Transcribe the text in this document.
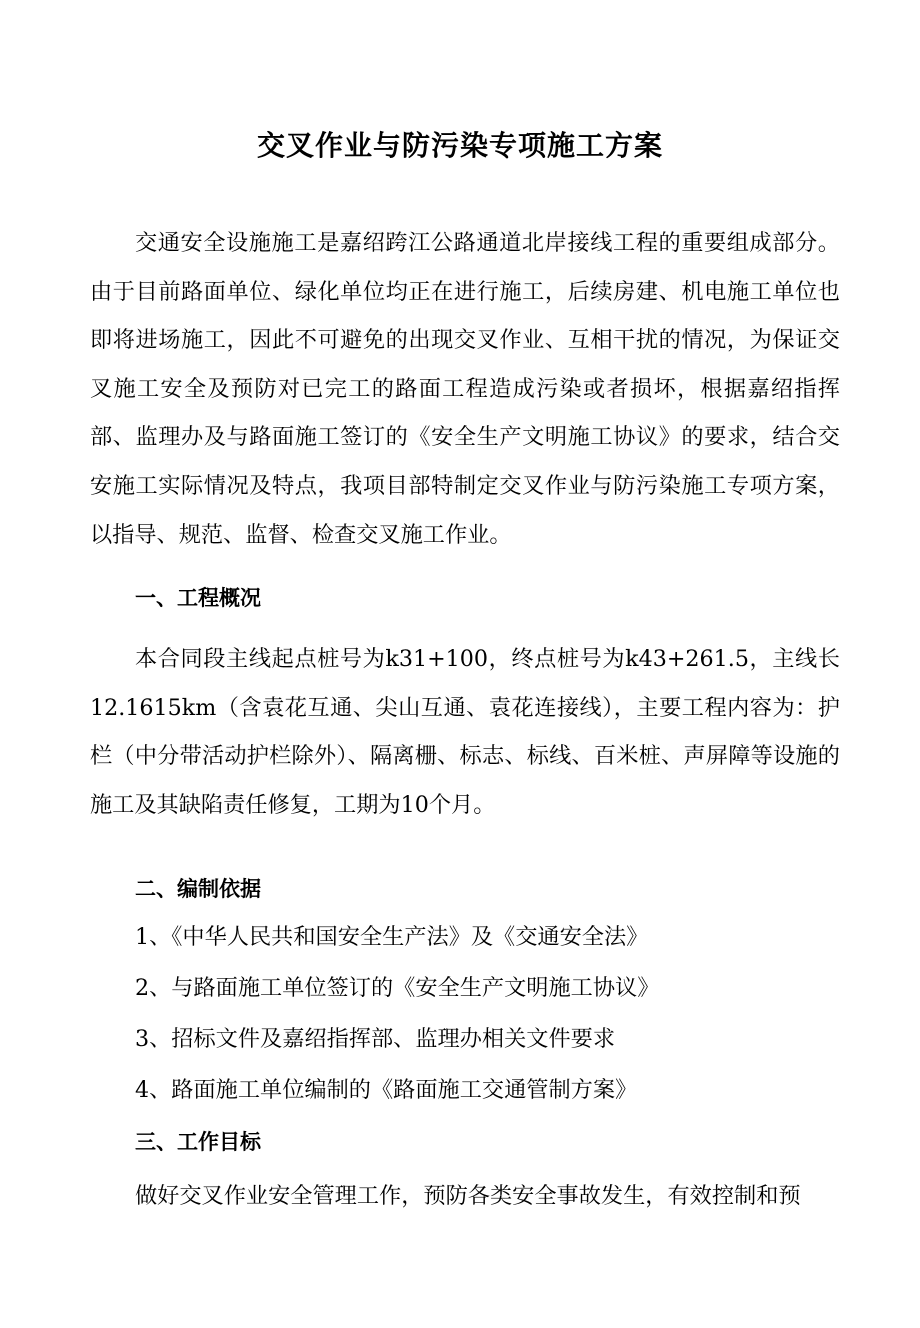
交叉作业与防污染专项施工方案

交通安全设施施工是嘉绍跨江公路通道北岸接线工程的重要组成部分。由于目前路面单位、绿化单位均正在进行施工，后续房建、机电施工单位也即将进场施工，因此不可避免的出现交叉作业、互相干扰的情况，为保证交叉施工安全及预防对已完工的路面工程造成污染或者损坏，根据嘉绍指挥部、监理办及与路面施工签订的《安全生产文明施工协议》的要求，结合交安施工实际情况及特点，我项目部特制定交叉作业与防污染施工专项方案，以指导、规范、监督、检查交叉施工作业。

一、工程概况

本合同段主线起点桩号为k31+100，终点桩号为k43+261.5，主线长12.1615km（含袁花互通、尖山互通、袁花连接线），主要工程内容为：护栏（中分带活动护栏除外）、隔离栅、标志、标线、百米桩、声屏障等设施的施工及其缺陷责任修复，工期为10个月。

二、编制依据

1、《中华人民共和国安全生产法》及《交通安全法》

2、与路面施工单位签订的《安全生产文明施工协议》

3、招标文件及嘉绍指挥部、监理办相关文件要求

4、路面施工单位编制的《路面施工交通管制方案》

三、工作目标

做好交叉作业安全管理工作，预防各类安全事故发生，有效控制和预
